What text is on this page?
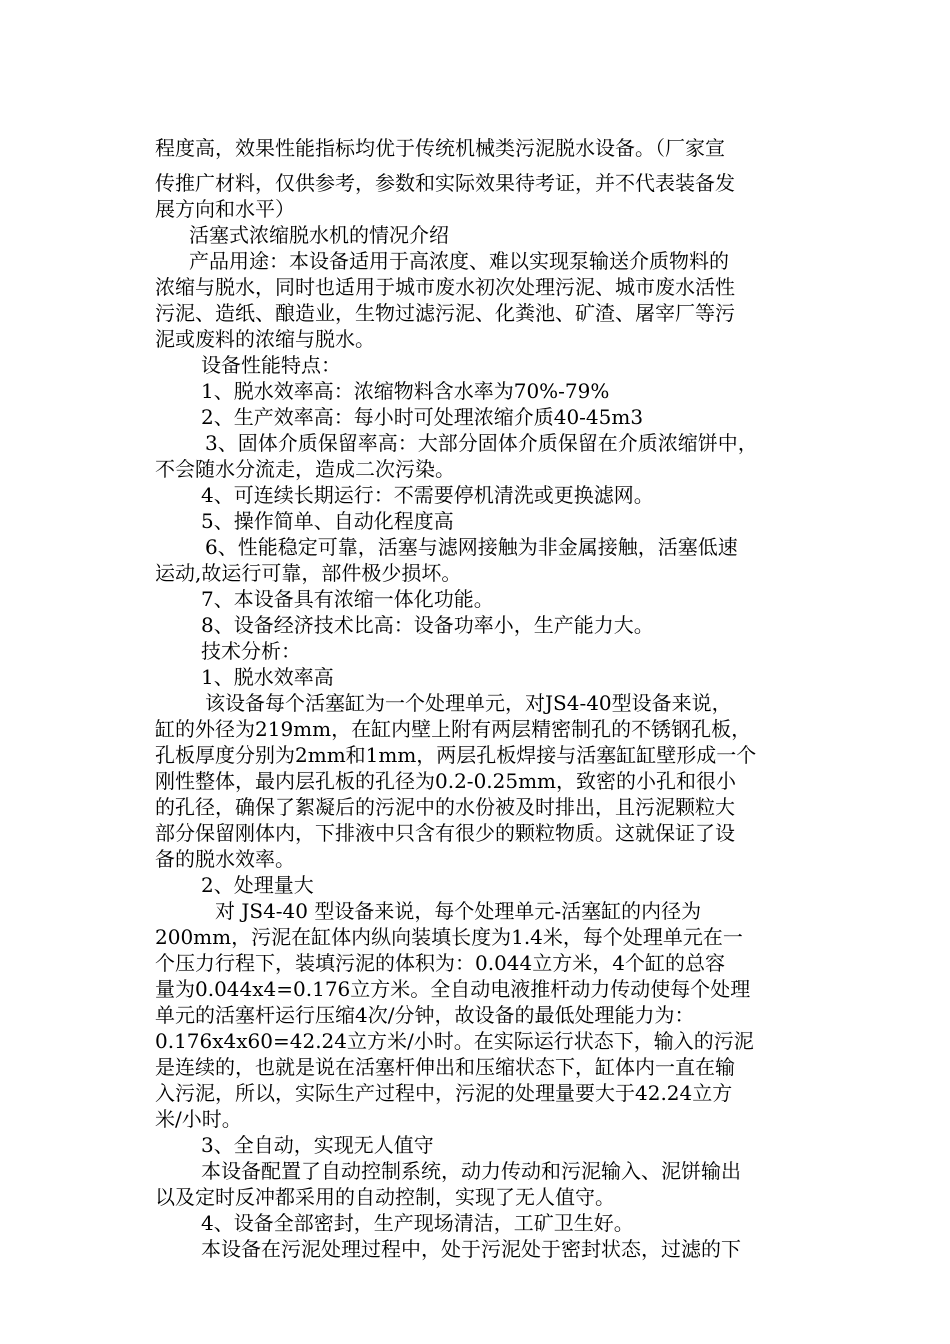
程度高，效果性能指标均优于传统机械类污泥脱水设备。（厂家宣
传推广材料，仅供参考，参数和实际效果待考证，并不代表装备发
展方向和水平）
活塞式浓缩脱水机的情况介绍
产品用途：本设备适用于高浓度、难以实现泵输送介质物料的
浓缩与脱水，同时也适用于城市废水初次处理污泥、城市废水活性
污泥、造纸、酿造业，生物过滤污泥、化粪池、矿渣、屠宰厂等污
泥或废料的浓缩与脱水。
设备性能特点：
1、脱水效率高：浓缩物料含水率为70%-79%
2、生产效率高：每小时可处理浓缩介质40-45m3
3、固体介质保留率高：大部分固体介质保留在介质浓缩饼中，
不会随水分流走，造成二次污染。
4、可连续长期运行：不需要停机清洗或更换滤网。
5、操作简单、自动化程度高
6、性能稳定可靠，活塞与滤网接触为非金属接触，活塞低速
运动,故运行可靠，部件极少损坏。
7、本设备具有浓缩一体化功能。
8、设备经济技术比高：设备功率小，生产能力大。
技术分析：
1、脱水效率高
该设备每个活塞缸为一个处理单元，对JS4-40型设备来说，
缸的外径为219mm，在缸内壁上附有两层精密制孔的不锈钢孔板，
孔板厚度分别为2mm和1mm，两层孔板焊接与活塞缸缸壁形成一个
刚性整体，最内层孔板的孔径为0.2-0.25mm，致密的小孔和很小
的孔径，确保了絮凝后的污泥中的水份被及时排出，且污泥颗粒大
部分保留刚体内，下排液中只含有很少的颗粒物质。这就保证了设
备的脱水效率。
2、处理量大
对 JS4-40 型设备来说，每个处理单元-活塞缸的内径为
200mm，污泥在缸体内纵向装填长度为1.4米，每个处理单元在一
个压力行程下，装填污泥的体积为：0.044立方米，4个缸的总容
量为0.044x4=0.176立方米。全自动电液推杆动力传动使每个处理
单元的活塞杆运行压缩4次/分钟，故设备的最低处理能力为：
0.176x4x60=42.24立方米/小时。在实际运行状态下，输入的污泥
是连续的，也就是说在活塞杆伸出和压缩状态下，缸体内一直在输
入污泥，所以，实际生产过程中，污泥的处理量要大于42.24立方
米/小时。
3、全自动，实现无人值守
本设备配置了自动控制系统，动力传动和污泥输入、泥饼输出
以及定时反冲都采用的自动控制，实现了无人值守。
4、设备全部密封，生产现场清洁，工矿卫生好。
本设备在污泥处理过程中，处于污泥处于密封状态，过滤的下
